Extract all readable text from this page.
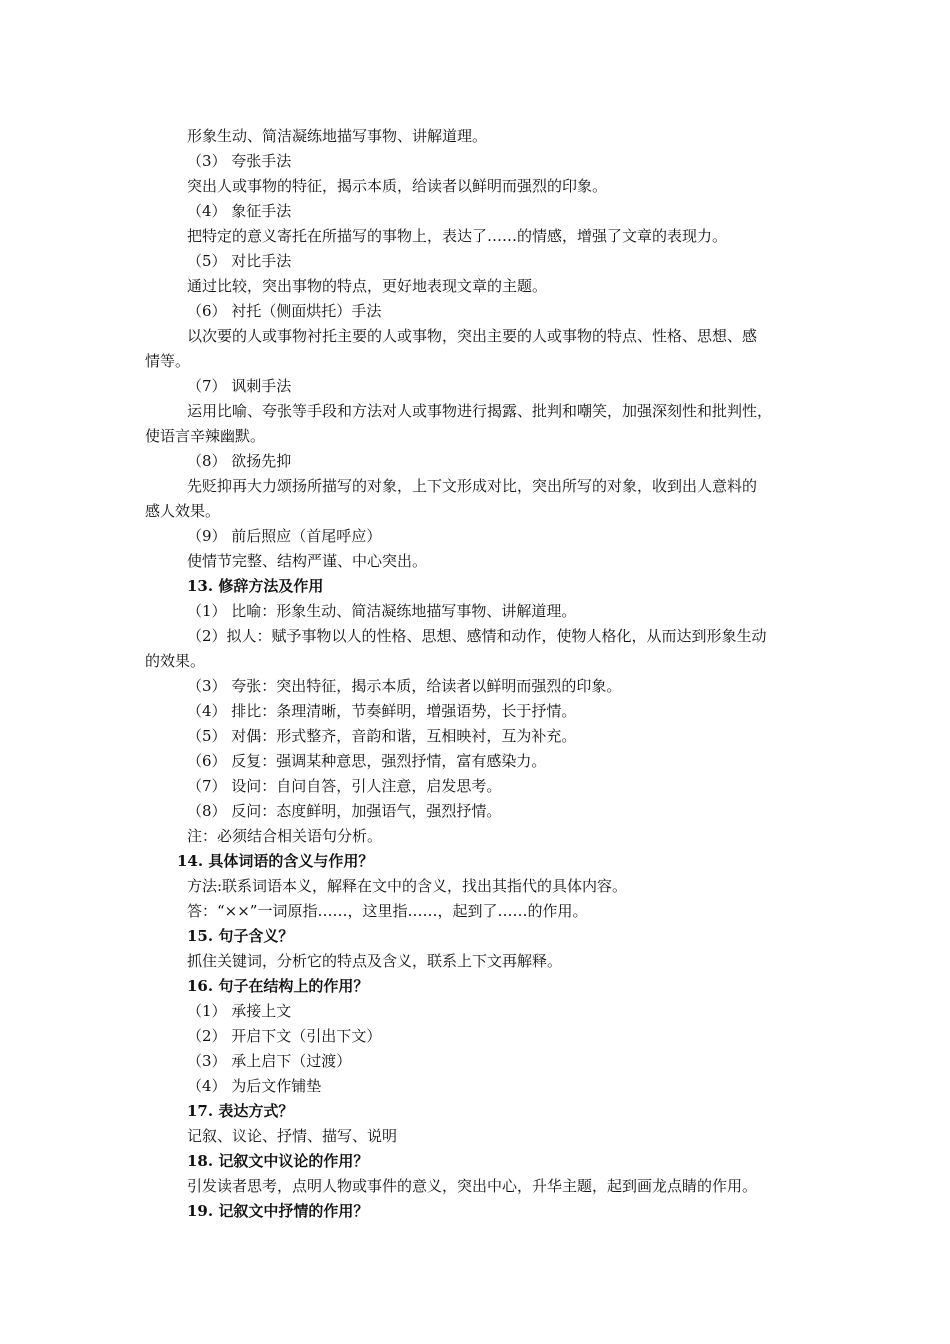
形象生动、简洁凝练地描写事物、讲解道理。
（3） 夸张手法
突出人或事物的特征，揭示本质，给读者以鲜明而强烈的印象。
（4） 象征手法
把特定的意义寄托在所描写的事物上，表达了……的情感，增强了文章的表现力。
（5） 对比手法
通过比较，突出事物的特点，更好地表现文章的主题。
（6） 衬托（侧面烘托）手法
以次要的人或事物衬托主要的人或事物，突出主要的人或事物的特点、性格、思想、感
情等。
（7） 讽刺手法
运用比喻、夸张等手段和方法对人或事物进行揭露、批判和嘲笑，加强深刻性和批判性，
使语言辛辣幽默。
（8） 欲扬先抑
先贬抑再大力颂扬所描写的对象，上下文形成对比，突出所写的对象，收到出人意料的
感人效果。
（9） 前后照应（首尾呼应）
使情节完整、结构严谨、中心突出。
13. 修辞方法及作用
（1） 比喻：形象生动、简洁凝练地描写事物、讲解道理。
（2）拟人：赋予事物以人的性格、思想、感情和动作，使物人格化，从而达到形象生动
的效果。
（3） 夸张：突出特征，揭示本质，给读者以鲜明而强烈的印象。
（4） 排比：条理清晰，节奏鲜明，增强语势，长于抒情。
（5） 对偶：形式整齐，音韵和谐，互相映衬，互为补充。
（6） 反复：强调某种意思，强烈抒情，富有感染力。
（7） 设问：自问自答，引人注意，启发思考。
（8） 反问：态度鲜明，加强语气，强烈抒情。
注：必须结合相关语句分析。
14. 具体词语的含义与作用？
方法:联系词语本义，解释在文中的含义，找出其指代的具体内容。
答：“××”一词原指……，这里指……，起到了……的作用。
15. 句子含义？
抓住关键词，分析它的特点及含义，联系上下文再解释。
16. 句子在结构上的作用？
（1） 承接上文
（2） 开启下文（引出下文）
（3） 承上启下（过渡）
（4） 为后文作铺垫
17. 表达方式？
记叙、议论、抒情、描写、说明
18. 记叙文中议论的作用？
引发读者思考，点明人物或事件的意义，突出中心，升华主题，起到画龙点睛的作用。
19. 记叙文中抒情的作用？
